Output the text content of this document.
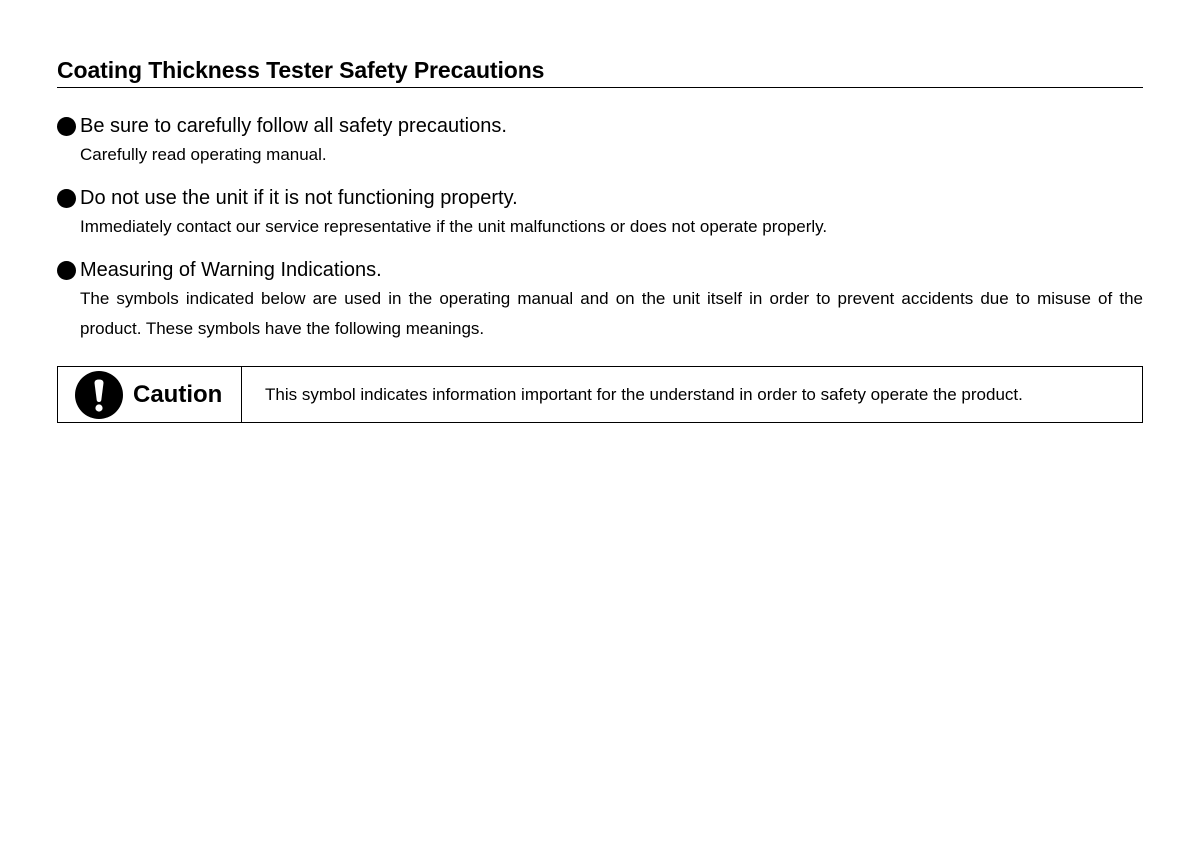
Coating Thickness Tester Safety Precautions
Be sure to carefully follow all safety precautions.
Carefully read operating manual.
Do not use the unit if it is not functioning property.
Immediately contact our service representative if the unit malfunctions or does not operate properly.
Measuring of Warning Indications.
The symbols indicated below are used in the operating manual and on the unit itself in order to prevent accidents due to misuse of the product. These symbols have the following meanings.
Caution	This symbol indicates information important for the understand in order to safety operate the product.
